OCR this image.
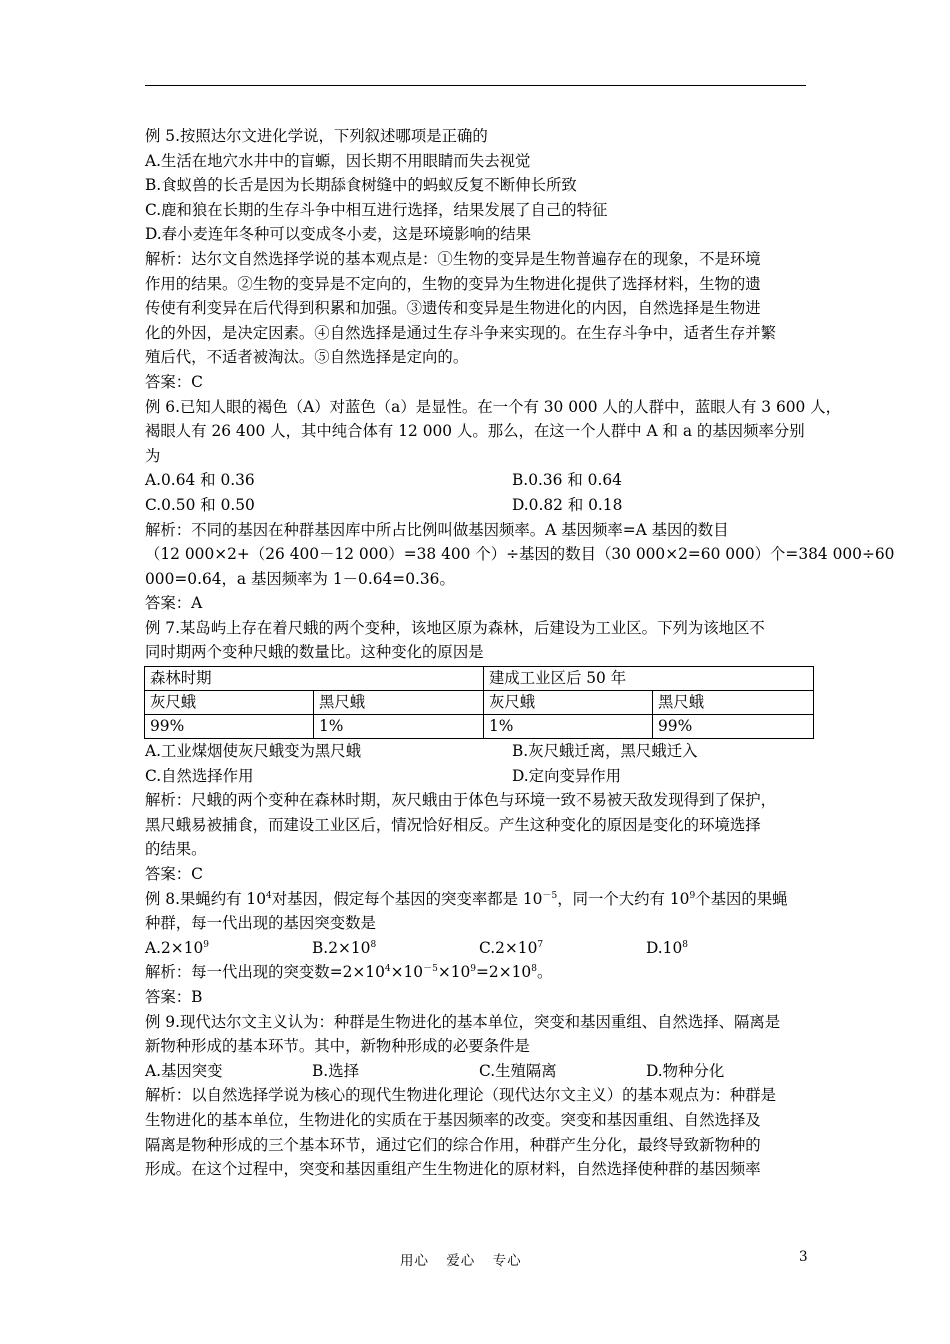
例 5.按照达尔文进化学说，下列叙述哪项是正确的
A.生活在地穴水井中的盲螈，因长期不用眼睛而失去视觉
B.食蚁兽的长舌是因为长期舔食树缝中的蚂蚁反复不断伸长所致
C.鹿和狼在长期的生存斗争中相互进行选择，结果发展了自己的特征
D.春小麦连年冬种可以变成冬小麦，这是环境影响的结果
解析：达尔文自然选择学说的基本观点是：①生物的变异是生物普遍存在的现象，不是环境
作用的结果。②生物的变异是不定向的，生物的变异为生物进化提供了选择材料，生物的遗
传使有利变异在后代得到积累和加强。③遗传和变异是生物进化的内因，自然选择是生物进
化的外因，是决定因素。④自然选择是通过生存斗争来实现的。在生存斗争中，适者生存并繁
殖后代，不适者被淘汰。⑤自然选择是定向的。
答案：C
例 6.已知人眼的褐色（A）对蓝色（a）是显性。在一个有 30 000 人的人群中，蓝眼人有 3 600 人，
褐眼人有 26 400 人，其中纯合体有 12 000 人。那么，在这一个人群中 A 和 a 的基因频率分别
为
A.0.64 和 0.36	B.0.36 和 0.64
C.0.50 和 0.50	D.0.82 和 0.18
解析：不同的基因在种群基因库中所占比例叫做基因频率。A 基因频率=A 基因的数目
（12 000×2+（26 400－12 000）=38 400 个）÷基因的数目（30 000×2=60 000）个=384 000÷60
000=0.64，a 基因频率为 1－0.64=0.36。
答案：A
例 7.某岛屿上存在着尺蛾的两个变种，该地区原为森林，后建设为工业区。下列为该地区不
同时期两个变种尺蛾的数量比。这种变化的原因是
森林时期		建成工业区后 50 年	
灰尺蛾	黑尺蛾	灰尺蛾	黑尺蛾
99%	1%	1%	99%
A.工业煤烟使灰尺蛾变为黑尺蛾	B.灰尺蛾迁离，黑尺蛾迁入
C.自然选择作用	D.定向变异作用
解析：尺蛾的两个变种在森林时期，灰尺蛾由于体色与环境一致不易被天敌发现得到了保护，
黑尺蛾易被捕食，而建设工业区后，情况恰好相反。产生这种变化的原因是变化的环境选择
的结果。
答案：C
例 8.果蝇约有 $10^4$对基因，假定每个基因的突变率都是 $10^{-5}$，同一个大约有 $10^9$个基因的果蝇
种群，每一代出现的基因突变数是
$A.2\times 10^9$	$B.2\times 10^8$	$C.2\times 10^7$	$D.10^8$
解析：每一代出现的突变数$=2\times 10^4\times 10^{-5}\times 10^9=2\times 10^8$。
答案：B
例 9.现代达尔文主义认为：种群是生物进化的基本单位，突变和基因重组、自然选择、隔离是
新物种形成的基本环节。其中，新物种形成的必要条件是
A.基因突变	B.选择	C.生殖隔离	D.物种分化
解析：以自然选择学说为核心的现代生物进化理论（现代达尔文主义）的基本观点为：种群是
生物进化的基本单位，生物进化的实质在于基因频率的改变。突变和基因重组、自然选择及
隔离是物种形成的三个基本环节，通过它们的综合作用，种群产生分化，最终导致新物种的
形成。在这个过程中，突变和基因重组产生生物进化的原材料，自然选择使种群的基因频率
用心 爱心 专心	3
